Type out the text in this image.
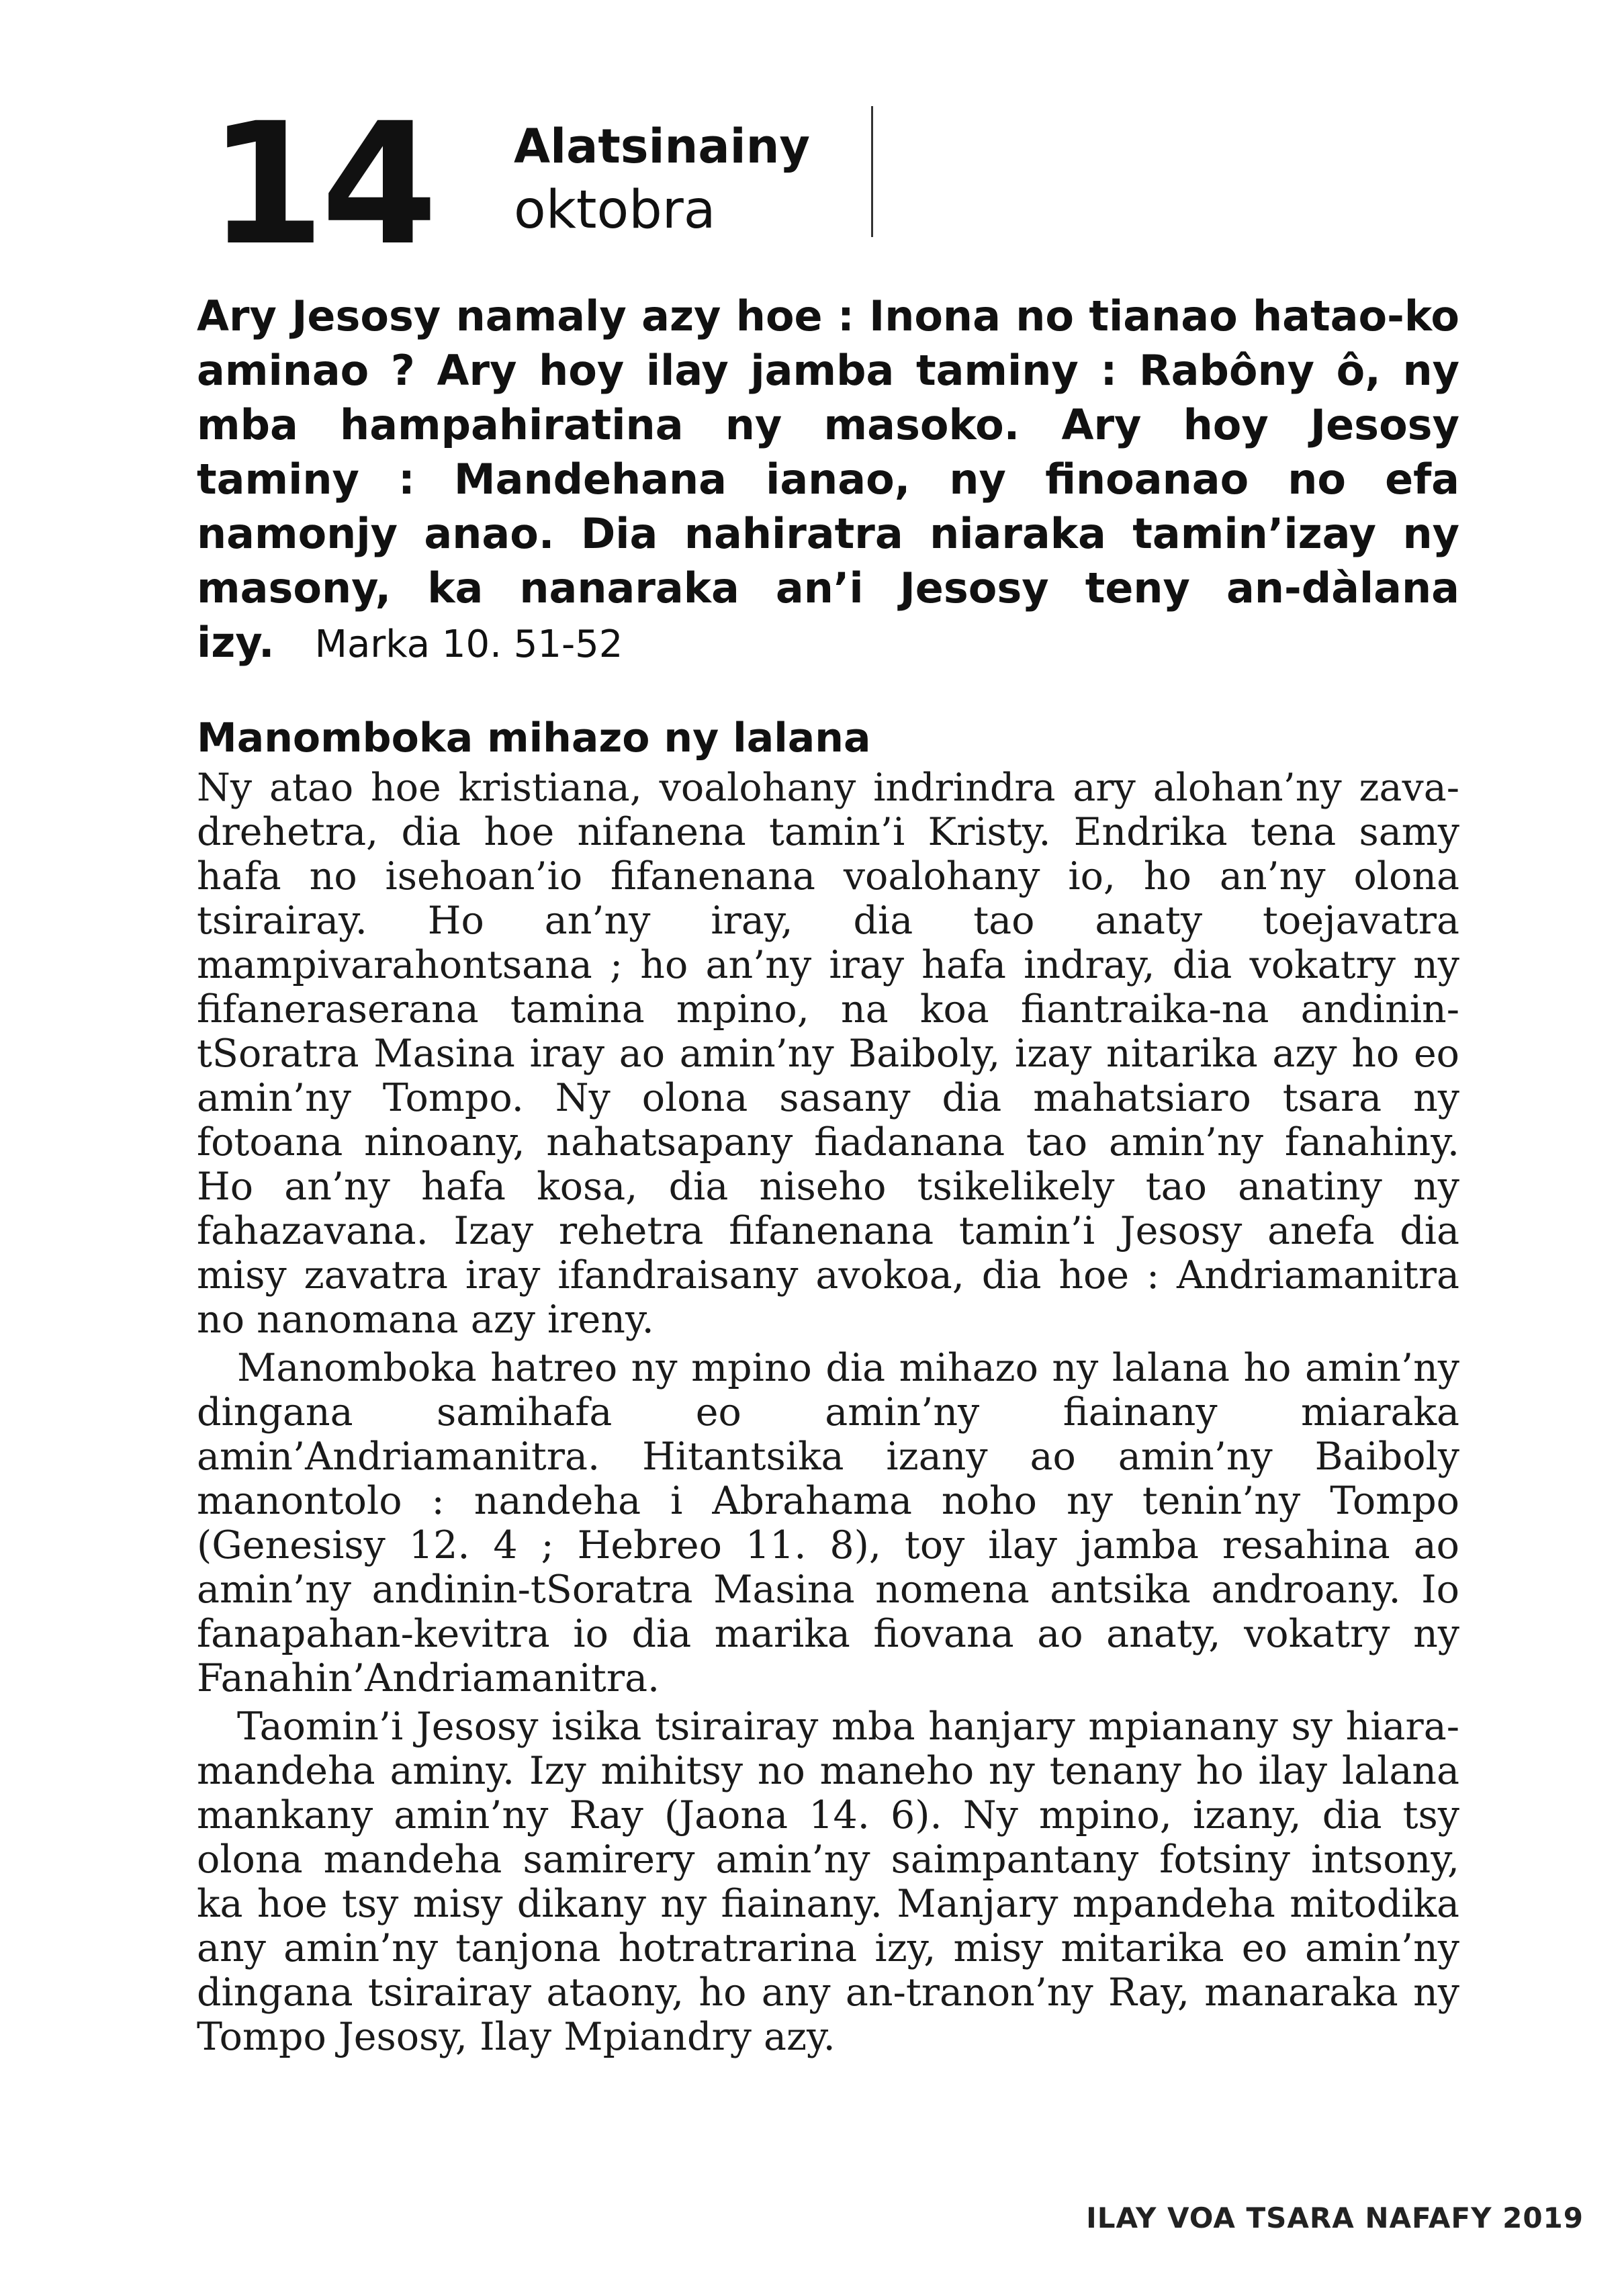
14 Alatsinainy
oktobra

Ary Jesosy namaly azy hoe : Inona no tianao hatao-ko aminao ? Ary hoy ilay jamba taminy : Rabôny ô, ny mba hampahiratina ny masoko. Ary hoy Jesosy taminy : Mandehana ianao, ny finoanao no efa namonjy anao. Dia nahiratra niaraka tamin’izay ny masony, ka nanaraka an’i Jesosy teny an-dàlana izy. Marka 10. 51-52

Manomboka mihazo ny lalana

Ny atao hoe kristiana, voalohany indrindra ary alohan’ny zava-drehetra, dia hoe nifanena tamin’i Kristy. Endrika tena samy hafa no isehoan’io fifanenana voalohany io, ho an’ny olona tsirairay. Ho an’ny iray, dia tao anaty toejavatra mampivarahontsana ; ho an’ny iray hafa indray, dia vokatry ny fifaneraserana tamina mpino, na koa fiantraika-na andinin-tSoratra Masina iray ao amin’ny Baiboly, izay nitarika azy ho eo amin’ny Tompo. Ny olona sasany dia mahatsiaro tsara ny fotoana ninoany, nahatsapany fiadanana tao amin’ny fanahiny. Ho an’ny hafa kosa, dia niseho tsikelikely tao anatiny ny fahazavana. Izay rehetra fifanenana tamin’i Jesosy anefa dia misy zavatra iray ifandraisany avokoa, dia hoe : Andriamanitra no nanomana azy ireny.

Manomboka hatreo ny mpino dia mihazo ny lalana ho amin’ny dingana samihafa eo amin’ny fiainany miaraka amin’Andriamanitra. Hitantsika izany ao amin’ny Baiboly manontolo : nandeha i Abrahama noho ny tenin’ny Tompo (Genesisy 12. 4 ; Hebreo 11. 8), toy ilay jamba resahina ao amin’ny andinin-tSoratra Masina nomena antsika androany. Io fanapahan-kevitra io dia marika fiovana ao anaty, vokatry ny Fanahin’Andriamanitra.

Taomin’i Jesosy isika tsirairay mba hanjary mpianany sy hiara-mandeha aminy. Izy mihitsy no maneho ny tenany ho ilay lalana mankany amin’ny Ray (Jaona 14. 6). Ny mpino, izany, dia tsy olona mandeha samirery amin’ny saimpantany fotsiny intsony, ka hoe tsy misy dikany ny fiainany. Manjary mpandeha mitodika any amin’ny tanjona hotratrarina izy, misy mitarika eo amin’ny dingana tsirairay ataony, ho any an-tranon’ny Ray, manaraka ny Tompo Jesosy, Ilay Mpiandry azy.

ILAY VOA TSARA NAFAFY 2019
